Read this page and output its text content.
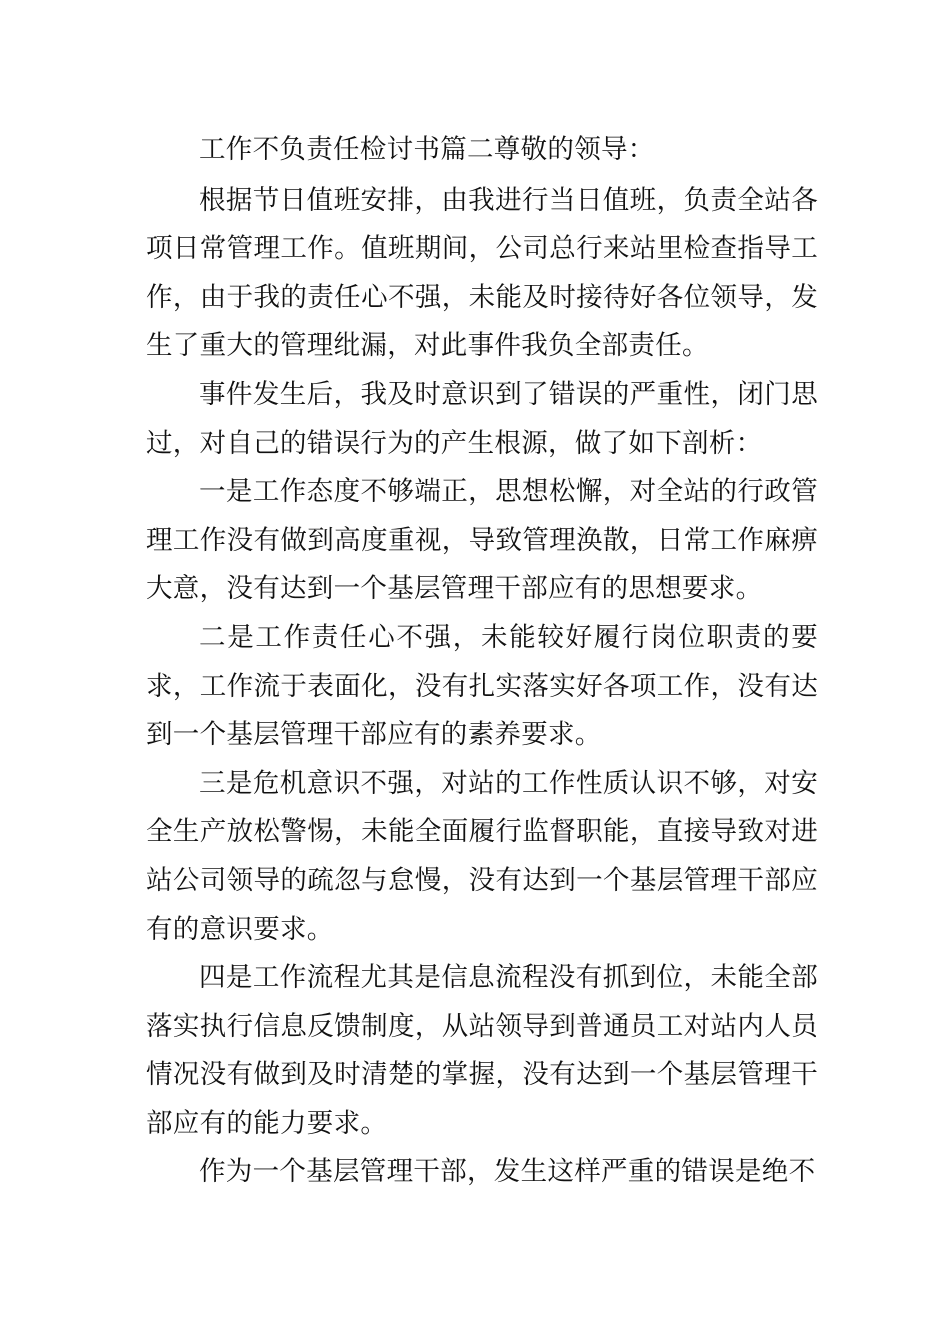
工作不负责任检讨书篇二尊敬的领导：

根据节日值班安排，由我进行当日值班，负责全站各项日常管理工作。值班期间，公司总行来站里检查指导工作，由于我的责任心不强，未能及时接待好各位领导，发生了重大的管理纰漏，对此事件我负全部责任。

事件发生后，我及时意识到了错误的严重性，闭门思过，对自己的错误行为的产生根源，做了如下剖析：

一是工作态度不够端正，思想松懈，对全站的行政管理工作没有做到高度重视，导致管理涣散，日常工作麻痹大意，没有达到一个基层管理干部应有的思想要求。

二是工作责任心不强，未能较好履行岗位职责的要求，工作流于表面化，没有扎实落实好各项工作，没有达到一个基层管理干部应有的素养要求。

三是危机意识不强，对站的工作性质认识不够，对安全生产放松警惕，未能全面履行监督职能，直接导致对进站公司领导的疏忽与怠慢，没有达到一个基层管理干部应有的意识要求。

四是工作流程尤其是信息流程没有抓到位，未能全部落实执行信息反馈制度，从站领导到普通员工对站内人员情况没有做到及时清楚的掌握，没有达到一个基层管理干部应有的能力要求。

作为一个基层管理干部，发生这样严重的错误是绝不
